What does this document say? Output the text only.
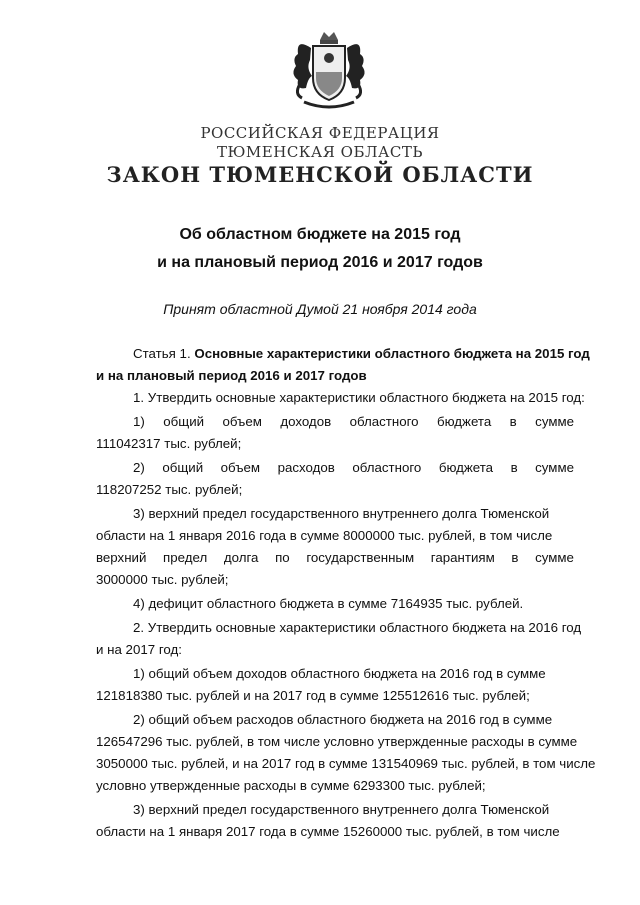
РОССИЙСКАЯ ФЕДЕРАЦИЯ
ТЮМЕНСКАЯ ОБЛАСТЬ
ЗАКОН ТЮМЕНСКОЙ ОБЛАСТИ
Об областном бюджете на 2015 год
и на плановый период 2016 и 2017 годов
Принят областной Думой 21 ноября 2014 года
Статья 1. Основные характеристики областного бюджета на 2015 год
и на плановый период 2016 и 2017 годов
1. Утвердить основные характеристики областного бюджета на 2015 год:
1) общий объем доходов областного бюджета в сумме
111042317 тыс. рублей;
2) общий объем расходов областного бюджета в сумме
118207252 тыс. рублей;
3) верхний предел государственного внутреннего долга Тюменской
области на 1 января 2016 года в сумме 8000000 тыс. рублей, в том числе
верхний предел долга по государственным гарантиям в сумме
3000000 тыс. рублей;
4) дефицит областного бюджета в сумме 7164935 тыс. рублей.
2. Утвердить основные характеристики областного бюджета на 2016 год
и на 2017 год:
1) общий объем доходов областного бюджета на 2016 год в сумме
121818380 тыс. рублей и на 2017 год в сумме 125512616 тыс. рублей;
2) общий объем расходов областного бюджета на 2016 год в сумме
126547296 тыс. рублей, в том числе условно утвержденные расходы в сумме
3050000 тыс. рублей, и на 2017 год в сумме 131540969 тыс. рублей, в том числе
условно утвержденные расходы в сумме 6293300 тыс. рублей;
3) верхний предел государственного внутреннего долга Тюменской
области на 1 января 2017 года в сумме 15260000 тыс. рублей, в том числе
